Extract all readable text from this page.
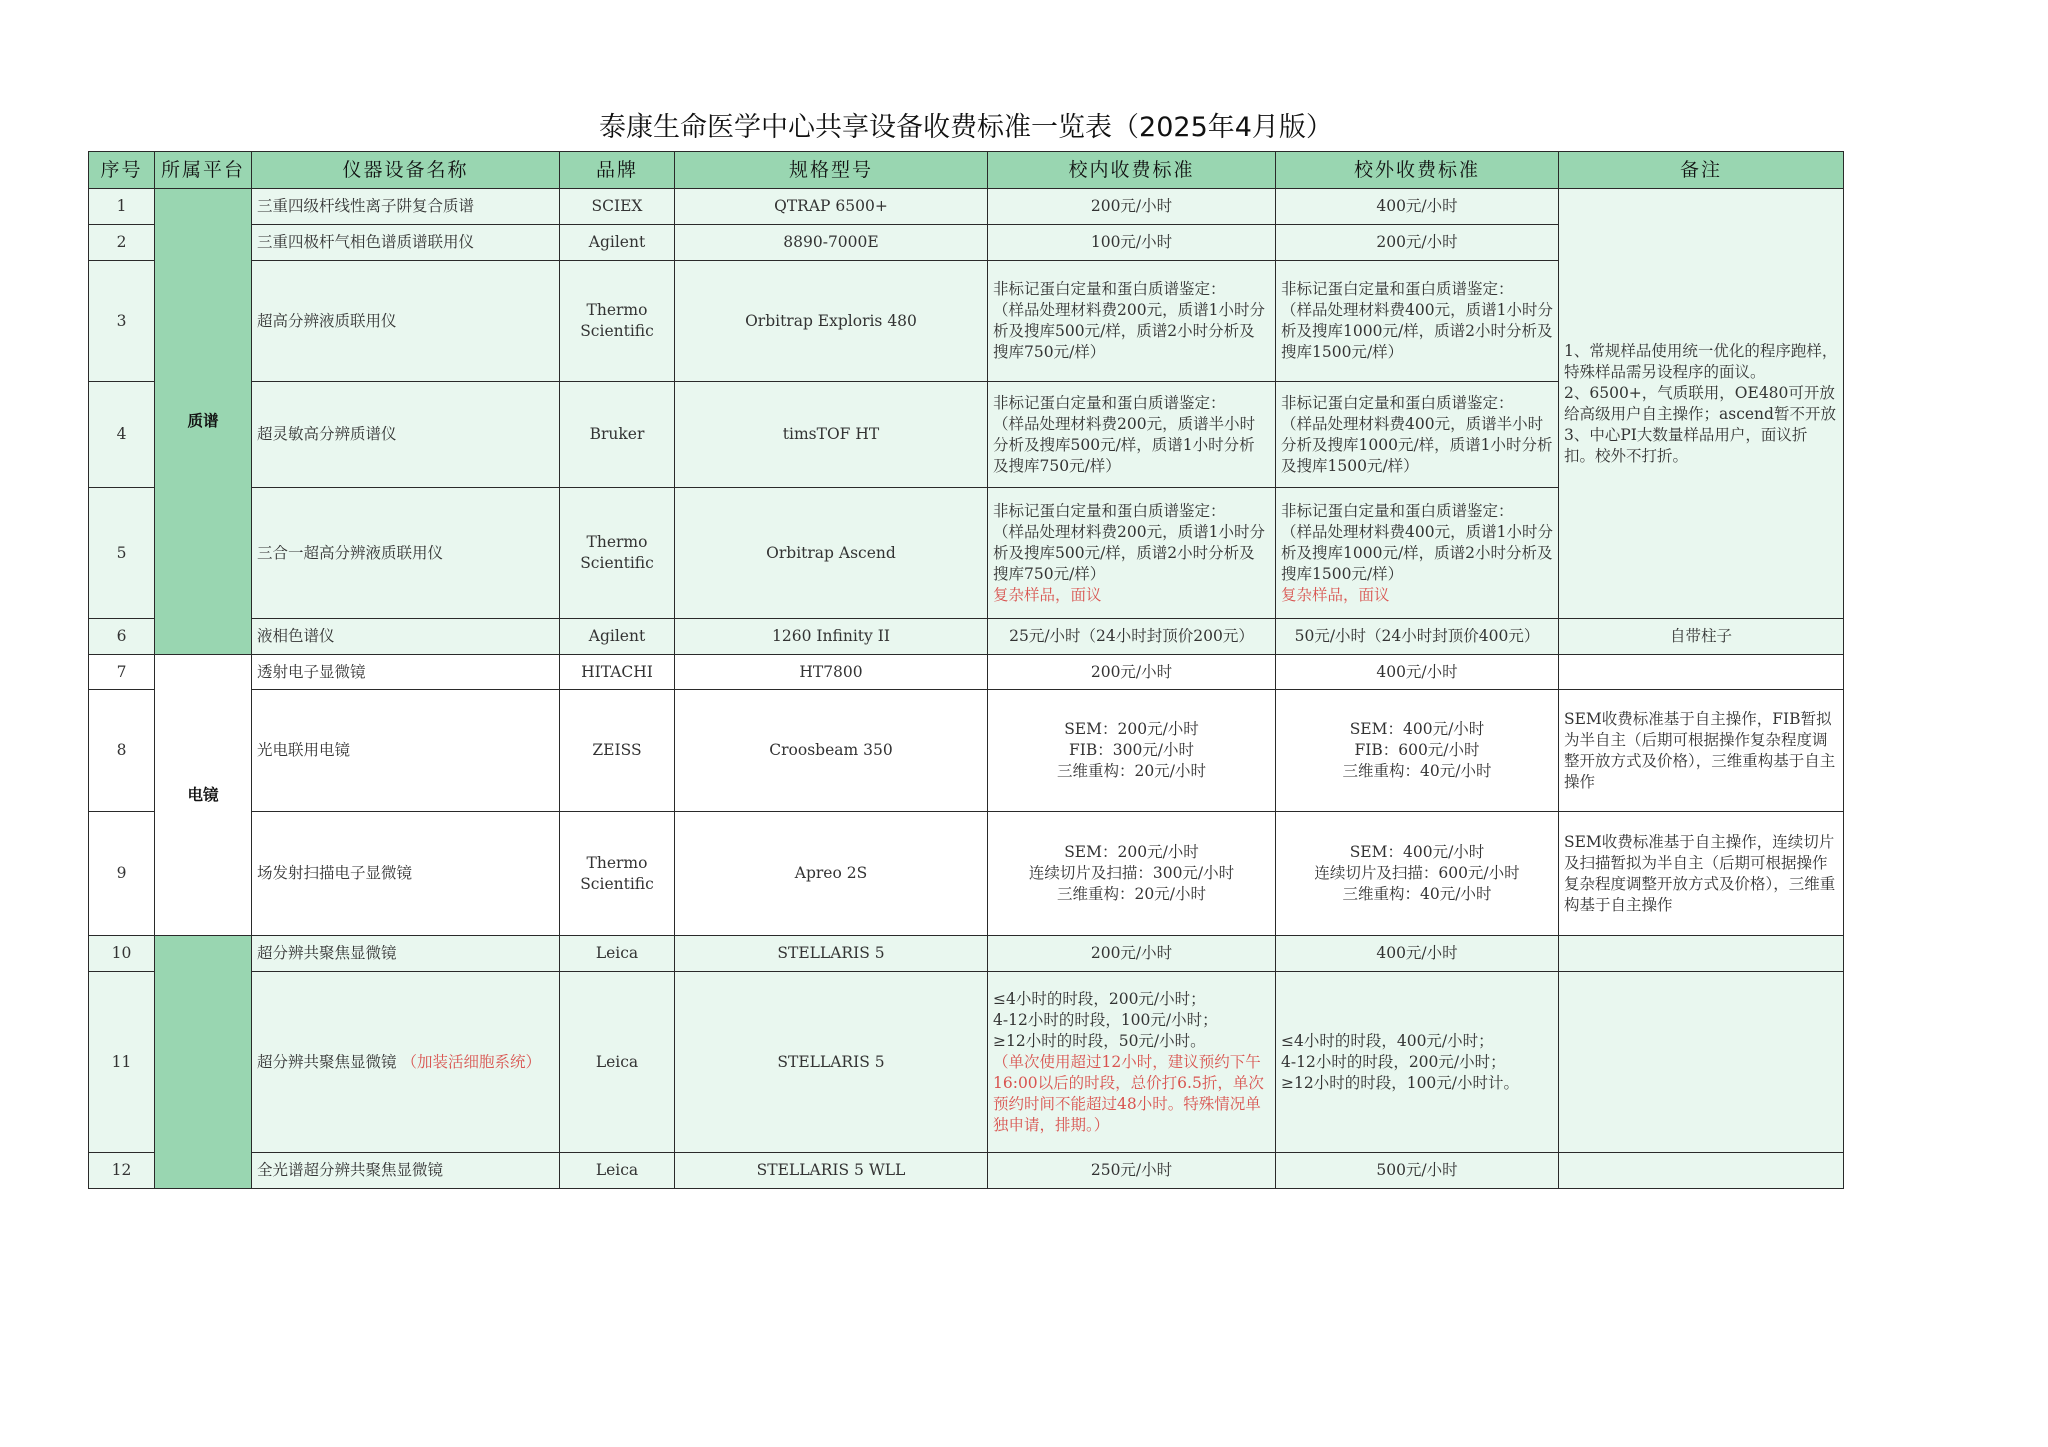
泰康生命医学中心共享设备收费标准一览表（2025年4月版）
序号	所属平台	仪器设备名称	品牌	规格型号	校内收费标准	校外收费标准	备注
1	质谱	三重四级杆线性离子阱复合质谱	SCIEX	QTRAP 6500+	200元/小时	400元/小时	1、常规样品使用统一优化的程序跑样，特殊样品需另设程序的面议。
2、6500+，气质联用，OE480可开放给高级用户自主操作；ascend暂不开放
3、中心PI大数量样品用户，面议折扣。校外不打折。
2		三重四极杆气相色谱质谱联用仪	Agilent	8890-7000E	100元/小时	200元/小时	
3		超高分辨液质联用仪	Thermo
Scientific	Orbitrap Exploris 480	非标记蛋白定量和蛋白质谱鉴定：
（样品处理材料费200元，质谱1小时分析及搜库500元/样，质谱2小时分析及搜库750元/样）	非标记蛋白定量和蛋白质谱鉴定：
（样品处理材料费400元，质谱1小时分析及搜库1000元/样，质谱2小时分析及搜库1500元/样）	
4		超灵敏高分辨质谱仪	Bruker	timsTOF HT	非标记蛋白定量和蛋白质谱鉴定：
（样品处理材料费200元，质谱半小时分析及搜库500元/样，质谱1小时分析及搜库750元/样）	非标记蛋白定量和蛋白质谱鉴定：
（样品处理材料费400元，质谱半小时分析及搜库1000元/样，质谱1小时分析及搜库1500元/样）	
5		三合一超高分辨液质联用仪	Thermo
Scientific	Orbitrap Ascend	非标记蛋白定量和蛋白质谱鉴定：
（样品处理材料费200元，质谱1小时分析及搜库500元/样，质谱2小时分析及搜库750元/样）
复杂样品，面议	非标记蛋白定量和蛋白质谱鉴定：
（样品处理材料费400元，质谱1小时分析及搜库1000元/样，质谱2小时分析及搜库1500元/样）
复杂样品，面议	

6		液相色谱仪	Agilent	1260 Infinity II	25元/小时（24小时封顶价200元）	50元/小时（24小时封顶价400元）	自带柱子
7	电镜	透射电子显微镜	HITACHI	HT7800	200元/小时	400元/小时	
8		光电联用电镜	ZEISS	Croosbeam 350	SEM：200元/小时
FIB：300元/小时
三维重构：20元/小时	SEM：400元/小时
FIB：600元/小时
三维重构：40元/小时	SEM收费标准基于自主操作，FIB暂拟为半自主（后期可根据操作复杂程度调整开放方式及价格），三维重构基于自主操作
9		场发射扫描电子显微镜	Thermo
Scientific	Apreo 2S	SEM：200元/小时
连续切片及扫描：300元/小时
三维重构：20元/小时	SEM：400元/小时
连续切片及扫描：600元/小时
三维重构：40元/小时	SEM收费标准基于自主操作，连续切片及扫描暂拟为半自主（后期可根据操作复杂程度调整开放方式及价格），三维重构基于自主操作
10		超分辨共聚焦显微镜	Leica	STELLARIS 5	200元/小时	400元/小时	
11		超分辨共聚焦显微镜 （加装活细胞系统）	Leica	STELLARIS 5	≤4小时的时段，200元/小时；
4-12小时的时段，100元/小时；
≥12小时的时段，50元/小时。
（单次使用超过12小时，建议预约下午16:00以后的时段，总价打6.5折，单次预约时间不能超过48小时。特殊情况单独申请，排期。）	≤4小时的时段，400元/小时；
4-12小时的时段，200元/小时；
≥12小时的时段，100元/小时计。	
12		全光谱超分辨共聚焦显微镜	Leica	STELLARIS 5 WLL	250元/小时	500元/小时	
